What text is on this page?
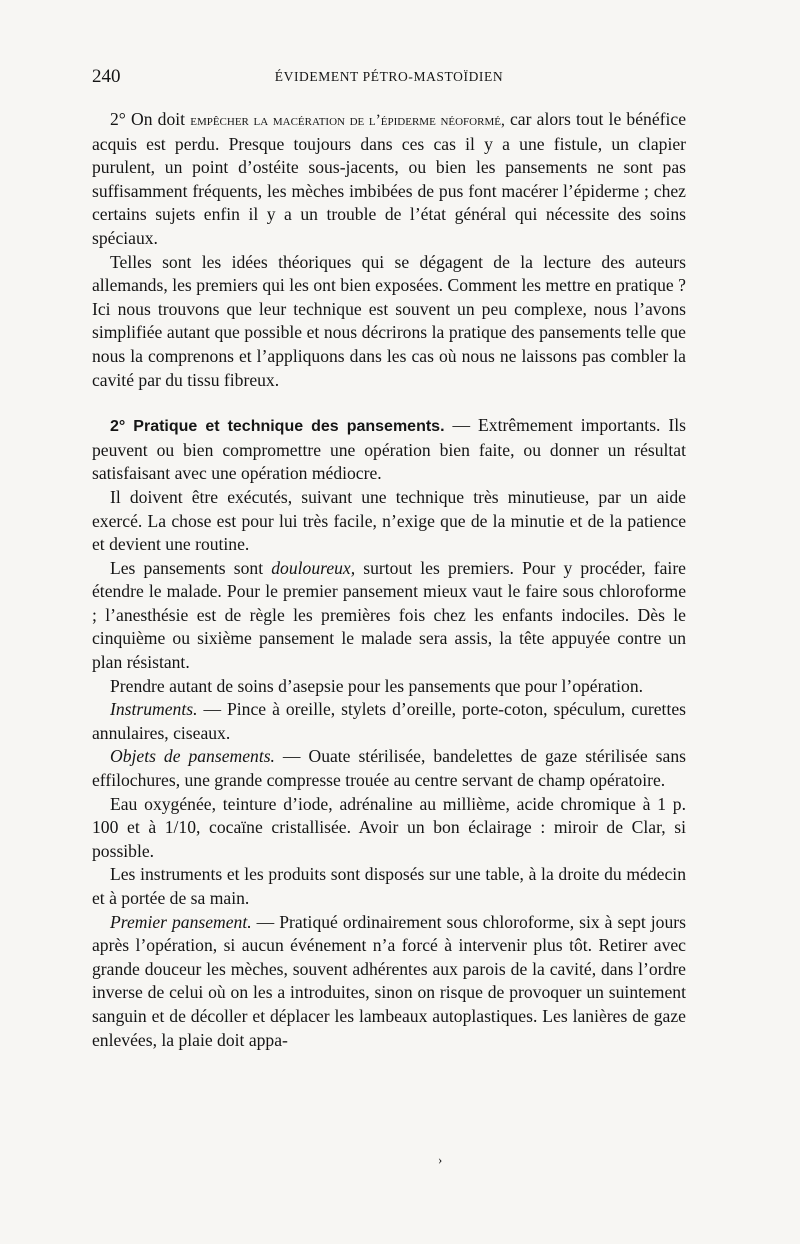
240	ÉVIDEMENT PÉTRO-MASTOÏDIEN

2° On doit empêcher la macération de l’épiderme néoformé, car alors tout le bénéfice acquis est perdu. Presque toujours dans ces cas il y a une fistule, un clapier purulent, un point d’ostéite sous-jacents, ou bien les pansements ne sont pas suffisamment fréquents, les mèches imbibées de pus font macérer l’épiderme ; chez certains sujets enfin il y a un trouble de l’état général qui nécessite des soins spéciaux.

Telles sont les idées théoriques qui se dégagent de la lecture des auteurs allemands, les premiers qui les ont bien exposées. Comment les mettre en pratique ? Ici nous trouvons que leur technique est souvent un peu complexe, nous l’avons simplifiée autant que possible et nous décrirons la pratique des pansements telle que nous la comprenons et l’appliquons dans les cas où nous ne laissons pas combler la cavité par du tissu fibreux.

2° Pratique et technique des pansements. — Extrêmement importants. Ils peuvent ou bien compromettre une opération bien faite, ou donner un résultat satisfaisant avec une opération médiocre.

Il doivent être exécutés, suivant une technique très minutieuse, par un aide exercé. La chose est pour lui très facile, n’exige que de la minutie et de la patience et devient une routine.

Les pansements sont douloureux, surtout les premiers. Pour y procéder, faire étendre le malade. Pour le premier pansement mieux vaut le faire sous chloroforme ; l’anesthésie est de règle les premières fois chez les enfants indociles. Dès le cinquième ou sixième pansement le malade sera assis, la tête appuyée contre un plan résistant.

Prendre autant de soins d’asepsie pour les pansements que pour l’opération.

Instruments. — Pince à oreille, stylets d’oreille, porte-coton, spéculum, curettes annulaires, ciseaux.

Objets de pansements. — Ouate stérilisée, bandelettes de gaze stérilisée sans effilochures, une grande compresse trouée au centre servant de champ opératoire.

Eau oxygénée, teinture d’iode, adrénaline au millième, acide chromique à 1 p. 100 et à 1/10, cocaïne cristallisée. Avoir un bon éclairage : miroir de Clar, si possible.

Les instruments et les produits sont disposés sur une table, à la droite du médecin et à portée de sa main.

Premier pansement. — Pratiqué ordinairement sous chloroforme, six à sept jours après l’opération, si aucun événement n’a forcé à intervenir plus tôt. Retirer avec grande douceur les mèches, souvent adhérentes aux parois de la cavité, dans l’ordre inverse de celui où on les a introduites, sinon on risque de provoquer un suintement sanguin et de décoller et déplacer les lambeaux autoplastiques. Les lanières de gaze enlevées, la plaie doit appa-

›
